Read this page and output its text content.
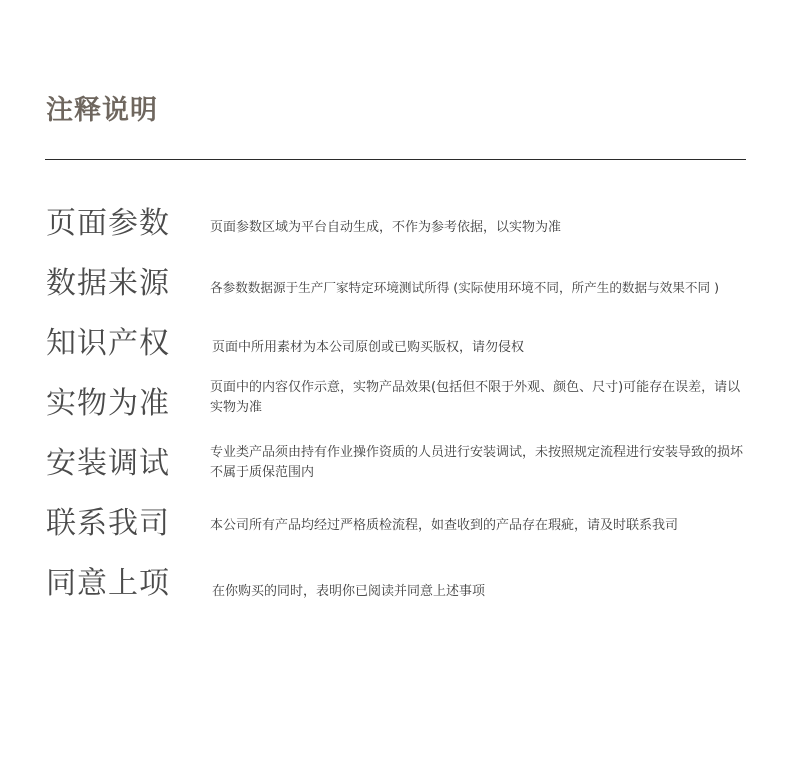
注释说明
页面参数	页面参数区域为平台自动生成，不作为参考依据，以实物为准
数据来源	各参数数据源于生产厂家特定环境测试所得 (实际使用环境不同，所产生的数据与效果不同 )
知识产权	页面中所用素材为本公司原创或已购买版权，请勿侵权
实物为准	页面中的内容仅作示意，实物产品效果(包括但不限于外观、颜色、尺寸)可能存在误差，请以实物为准
安装调试	专业类产品须由持有作业操作资质的人员进行安装调试，未按照规定流程进行安装导致的损坏不属于质保范围内
联系我司	本公司所有产品均经过严格质检流程，如查收到的产品存在瑕疵，请及时联系我司
同意上项	在你购买的同时，表明你已阅读并同意上述事项
